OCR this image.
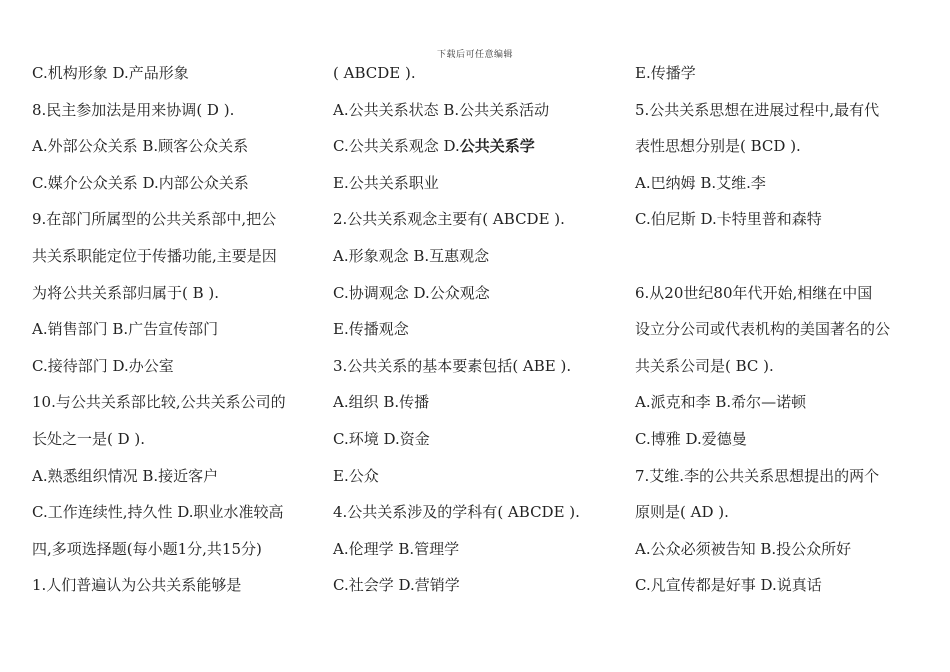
下载后可任意编辑
C.机构形象 D.产品形象
8.民主参加法是用来协调( D ).
A.外部公众关系 B.顾客公众关系
C.媒介公众关系 D.内部公众关系
9.在部门所属型的公共关系部中,把公
共关系职能定位于传播功能,主要是因
为将公共关系部归属于( B ).
A.销售部门 B.广告宣传部门
C.接待部门 D.办公室
10.与公共关系部比较,公共关系公司的
长处之一是( D ).
A.熟悉组织情况 B.接近客户
C.工作连续性,持久性 D.职业水准较高
四,多项选择题(每小题1分,共15分)
1.人们普遍认为公共关系能够是
( ABCDE ).
A.公共关系状态 B.公共关系活动
C.公共关系观念 D.公共关系学
E.公共关系职业
2.公共关系观念主要有( ABCDE ).
A.形象观念 B.互惠观念
C.协调观念 D.公众观念
E.传播观念
3.公共关系的基本要素包括( ABE ).
A.组织 B.传播
C.环境 D.资金
E.公众
4.公共关系涉及的学科有( ABCDE ).
A.伦理学 B.管理学
C.社会学 D.营销学
E.传播学
5.公共关系思想在进展过程中,最有代
表性思想分别是( BCD ).
A.巴纳姆 B.艾维.李
C.伯尼斯 D.卡特里普和森特
6.从20世纪80年代开始,相继在中国
设立分公司或代表机构的美国著名的公
共关系公司是( BC ).
A.派克和李 B.希尔—诺顿
C.博雅 D.爱德曼
7.艾维.李的公共关系思想提出的两个
原则是( AD ).
A.公众必须被告知 B.投公众所好
C.凡宣传都是好事 D.说真话
